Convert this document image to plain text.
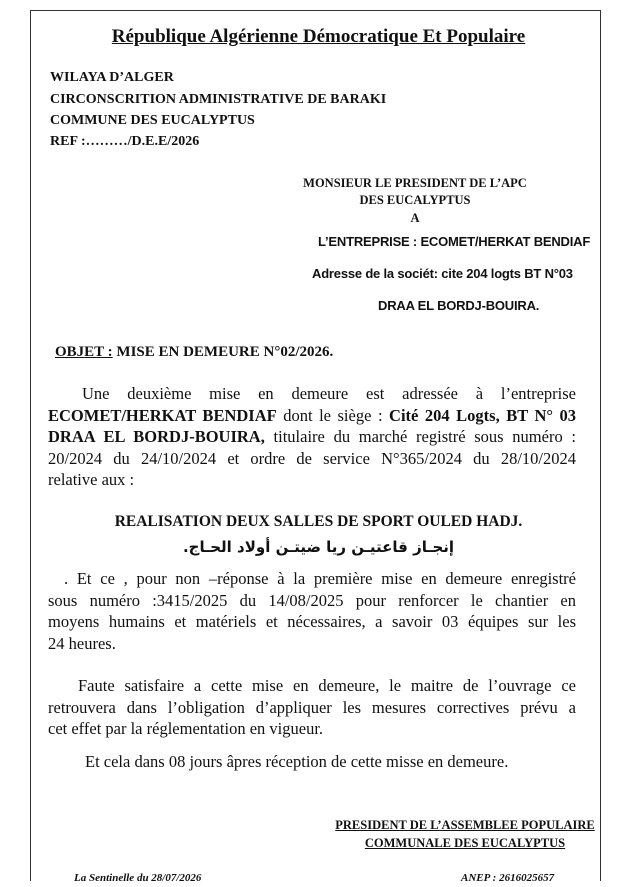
République Algérienne Démocratique Et Populaire
WILAYA D’ALGER
CIRCONSCRITION ADMINISTRATIVE DE BARAKI
COMMUNE DES EUCALYPTUS
REF :………/D.E.E/2026
MONSIEUR LE PRESIDENT DE L’APC
DES EUCALYPTUS
A
L’ENTREPRISE : ECOMET/HERKAT BENDIAF
Adresse de la sociét: cite 204 logts BT N°03
DRAA EL BORDJ-BOUIRA.
OBJET : MISE EN DEMEURE N°02/2026.
Une deuxième mise en demeure est adressée à l’entreprise
ECOMET/HERKAT BENDIAF dont le siège : Cité 204 Logts, BT N° 03
DRAA EL BORDJ-BOUIRA, titulaire du marché registré sous numéro :
20/2024 du 24/10/2024 et ordre de service N°365/2024 du 28/10/2024
relative aux :
REALISATION DEUX SALLES DE SPORT OULED HADJ.
إنجـاز قاعتيـن ريا ضيتـن أولاد الحـاج.
. Et ce , pour non –réponse à la première mise en demeure enregistré
sous numéro :3415/2025 du 14/08/2025 pour renforcer le chantier en
moyens humains et matériels et nécessaires, a savoir 03 équipes sur les
24 heures.
Faute satisfaire a cette mise en demeure, le maitre de l’ouvrage ce
retrouvera dans l’obligation d’appliquer les mesures correctives prévu a
cet effet par la réglementation en vigueur.
Et cela dans 08 jours âpres réception de cette misse en demeure.
PRESIDENT DE L’ASSEMBLEE POPULAIRE
COMMUNALE DES EUCALYPTUS
La Sentinelle du 28/07/2026	ANEP : 2616025657
